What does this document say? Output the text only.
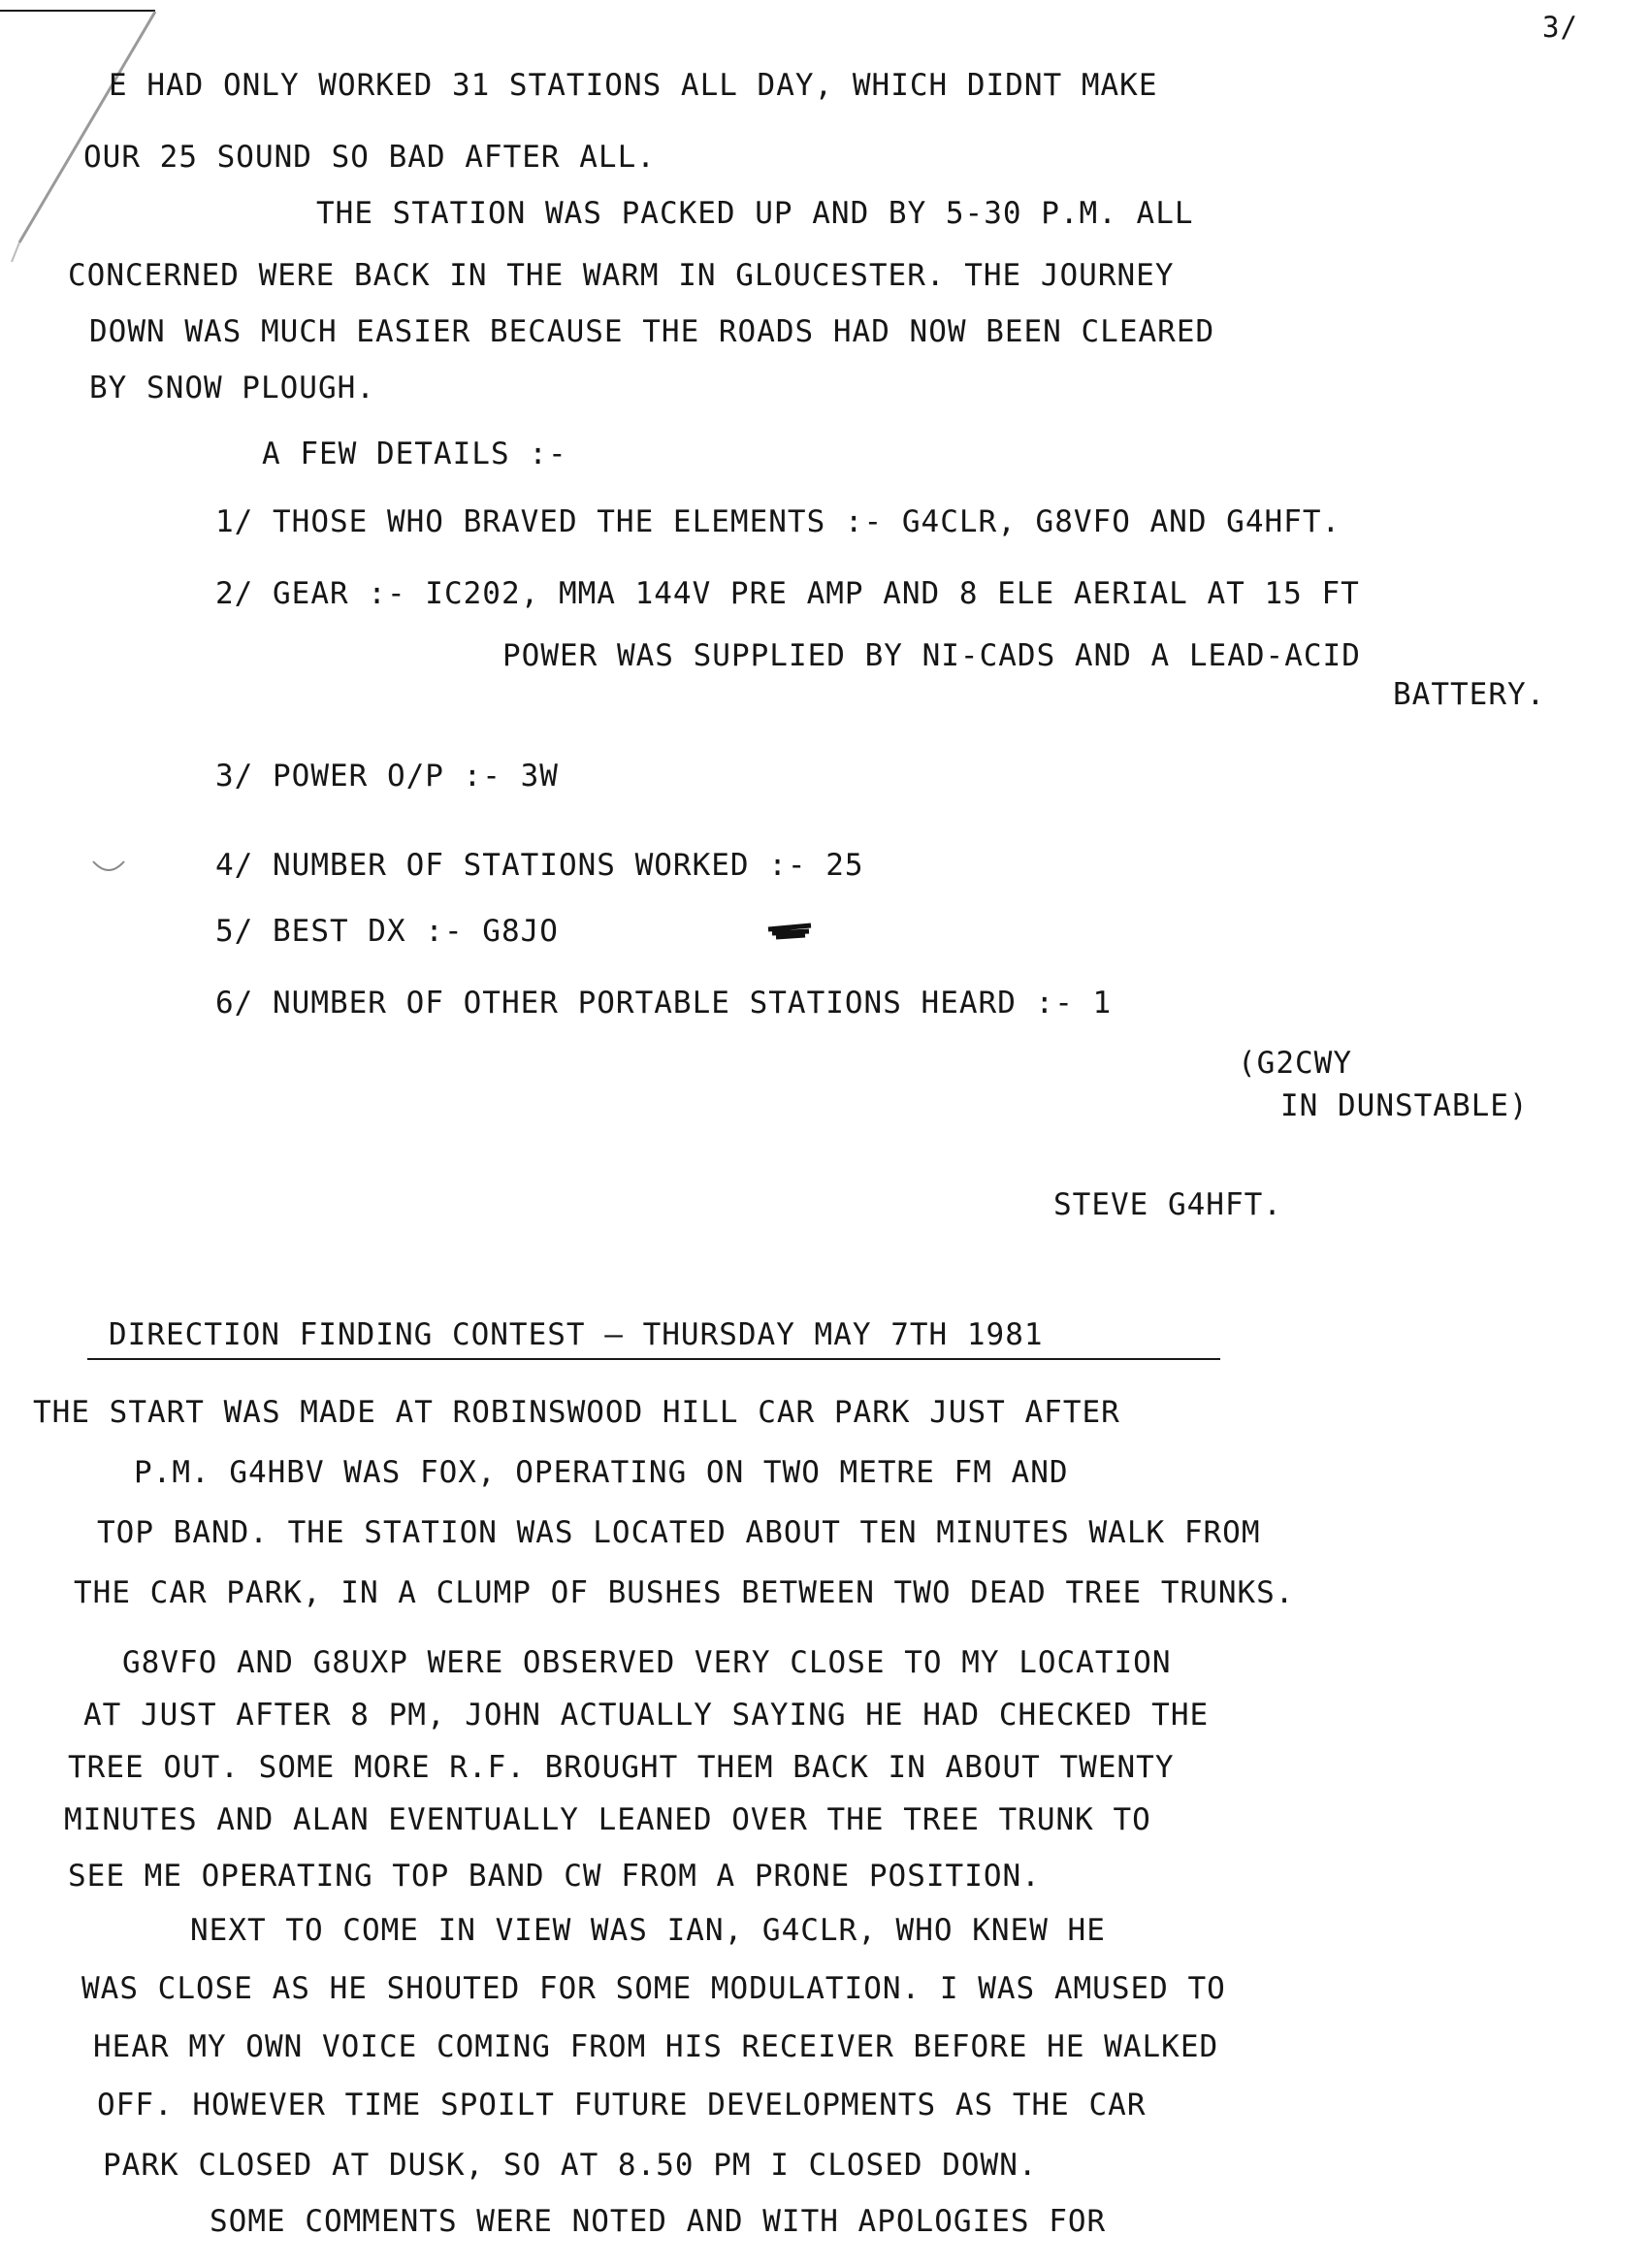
3/
E HAD ONLY WORKED 31 STATIONS ALL DAY, WHICH DIDNT MAKE
OUR 25 SOUND SO BAD AFTER ALL.
THE STATION WAS PACKED UP AND BY 5-30 P.M. ALL
CONCERNED WERE BACK IN THE WARM IN GLOUCESTER. THE JOURNEY
DOWN WAS MUCH EASIER BECAUSE THE ROADS HAD NOW BEEN CLEARED
BY SNOW PLOUGH.
A FEW DETAILS :-
1/ THOSE WHO BRAVED THE ELEMENTS :- G4CLR, G8VFO AND G4HFT.
2/ GEAR :- IC202, MMA 144V PRE AMP AND 8 ELE AERIAL AT 15 FT
POWER WAS SUPPLIED BY NI-CADS AND A LEAD-ACID
BATTERY.
3/ POWER O/P :- 3W
4/ NUMBER OF STATIONS WORKED :- 25
5/ BEST DX :- G8JO
6/ NUMBER OF OTHER PORTABLE STATIONS HEARD :- 1
(G2CWY
IN DUNSTABLE)
STEVE G4HFT.
DIRECTION FINDING CONTEST — THURSDAY MAY 7TH 1981
THE START WAS MADE AT ROBINSWOOD HILL CAR PARK JUST AFTER
P.M. G4HBV WAS FOX, OPERATING ON TWO METRE FM AND
TOP BAND. THE STATION WAS LOCATED ABOUT TEN MINUTES WALK FROM
THE CAR PARK, IN A CLUMP OF BUSHES BETWEEN TWO DEAD TREE TRUNKS.
G8VFO AND G8UXP WERE OBSERVED VERY CLOSE TO MY LOCATION
AT JUST AFTER 8 PM, JOHN ACTUALLY SAYING HE HAD CHECKED THE
TREE OUT. SOME MORE R.F. BROUGHT THEM BACK IN ABOUT TWENTY
MINUTES AND ALAN EVENTUALLY LEANED OVER THE TREE TRUNK TO
SEE ME OPERATING TOP BAND CW FROM A PRONE POSITION.
NEXT TO COME IN VIEW WAS IAN, G4CLR, WHO KNEW HE
WAS CLOSE AS HE SHOUTED FOR SOME MODULATION. I WAS AMUSED TO
HEAR MY OWN VOICE COMING FROM HIS RECEIVER BEFORE HE WALKED
OFF. HOWEVER TIME SPOILT FUTURE DEVELOPMENTS AS THE CAR
PARK CLOSED AT DUSK, SO AT 8.50 PM I CLOSED DOWN.
SOME COMMENTS WERE NOTED AND WITH APOLOGIES FOR
